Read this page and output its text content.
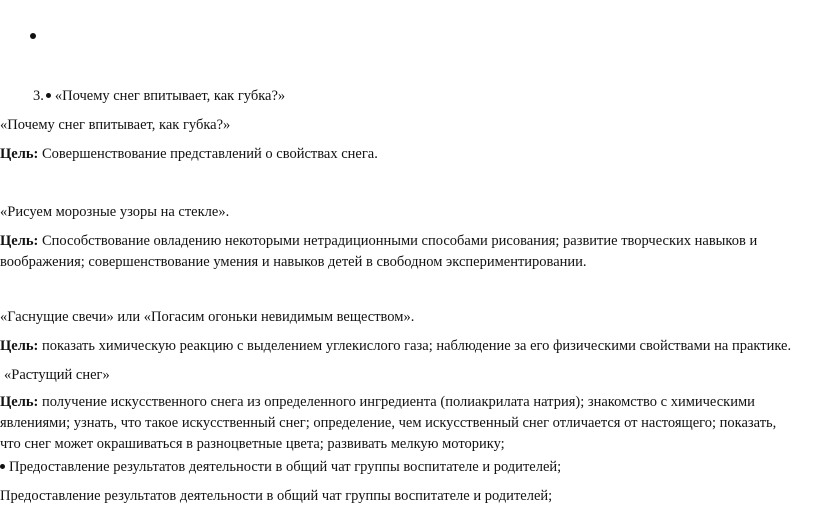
3. «Почему снег впитывает, как губка?»
«Почему снег впитывает, как губка?»
Цель: Совершенствование представлений о свойствах снега.
«Рисуем морозные узоры на стекле».
Цель: Способствование овладению некоторыми нетрадиционными способами рисования; развитие творческих навыков и воображения; совершенствование умения и навыков детей в свободном экспериментировании.
«Гаснущие свечи» или «Погасим огоньки невидимым веществом».
Цель: показать химическую реакцию с выделением углекислого газа; наблюдение за его физическими свойствами на практике.
«Растущий снег»
Цель: получение искусственного снега из определенного ингредиента (полиакрилата натрия); знакомство с химическими явлениями; узнать, что такое искусственный снег; определение, чем искусственный снег отличается от настоящего; показать, что снег может окрашиваться в разноцветные цвета; развивать мелкую моторику;
Предоставление результатов деятельности в общий чат группы воспитателе и родителей;
Предоставление результатов деятельности в общий чат группы воспитателе и родителей;
